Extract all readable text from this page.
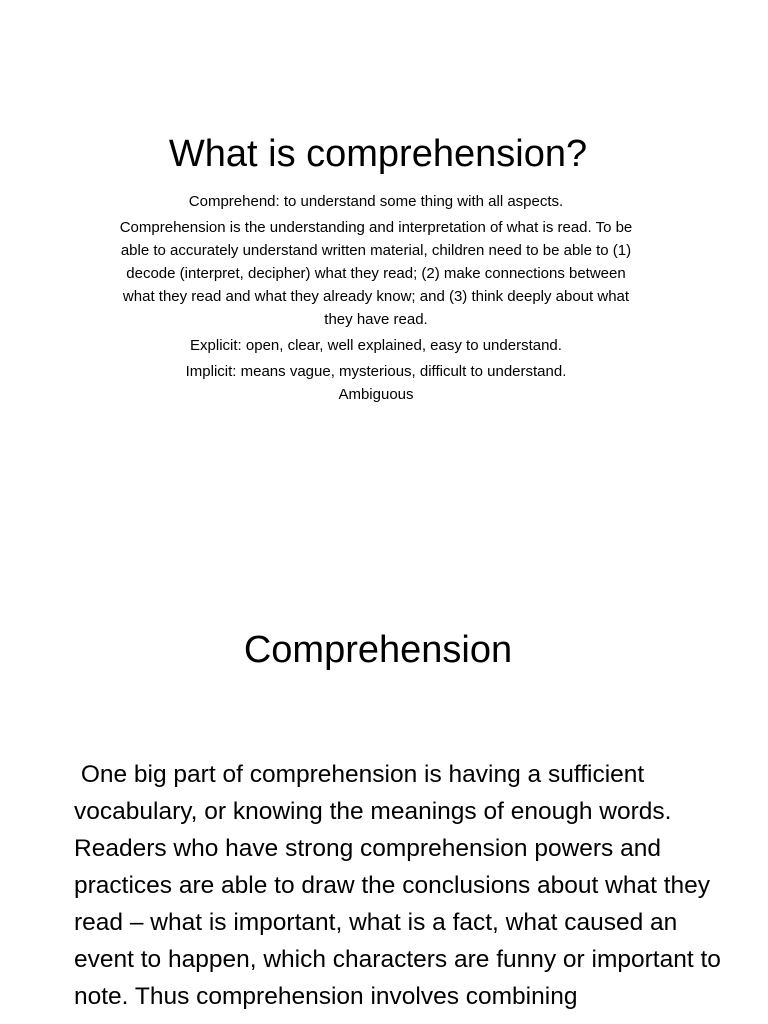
What is comprehension?

Comprehend: to understand some thing with all aspects.

Comprehension is the understanding and interpretation of what is read. To be able to accurately understand written material, children need to be able to (1) decode (interpret, decipher) what they read; (2) make connections between what they read and what they already know; and (3) think deeply about what they have read.

Explicit: open, clear, well explained, easy to understand.

Implicit: means vague, mysterious, difficult to understand.

Ambiguous

Comprehension

One big part of comprehension is having a sufficient vocabulary, or knowing the meanings of enough words. Readers who have strong comprehension powers and practices are able to draw the conclusions about what they read – what is important, what is a fact, what caused an event to happen, which characters are funny or important to note. Thus comprehension involves combining
